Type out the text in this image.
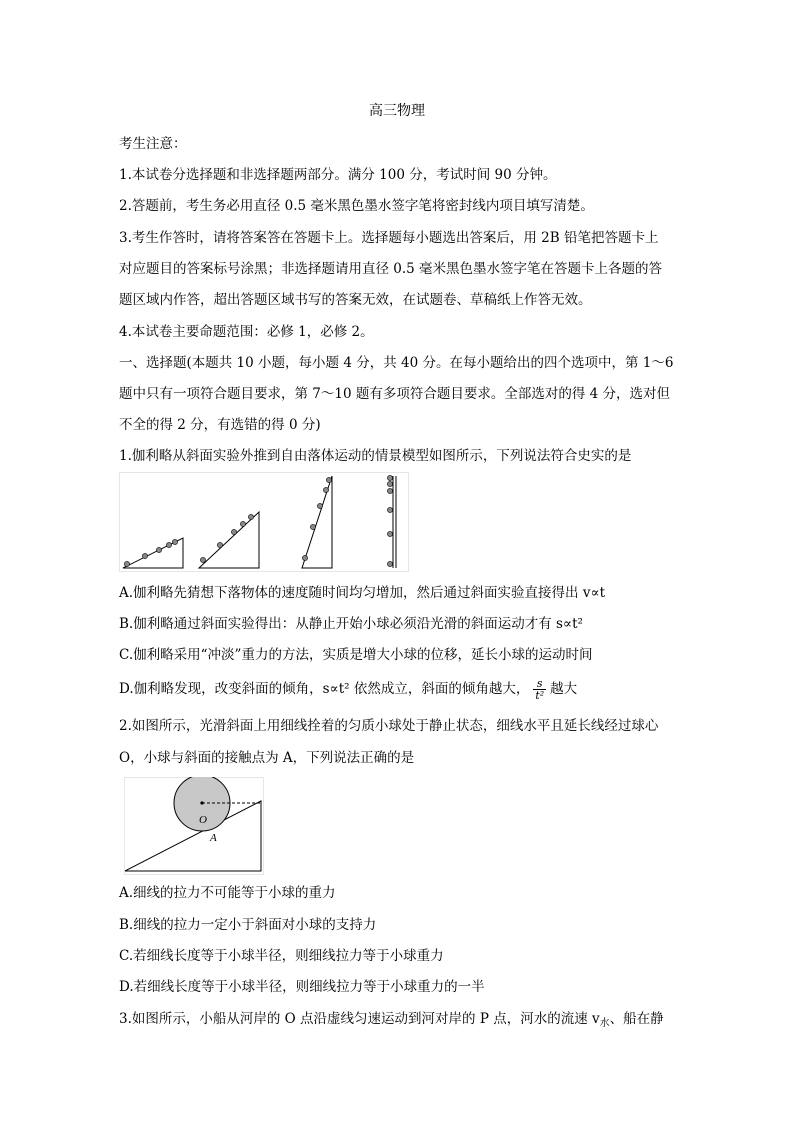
高三物理
考生注意：
1.本试卷分选择题和非选择题两部分。满分 100 分，考试时间 90 分钟。
2.答题前，考生务必用直径 0.5 毫米黑色墨水签字笔将密封线内项目填写清楚。
3.考生作答时，请将答案答在答题卡上。选择题每小题选出答案后，用 2B 铅笔把答题卡上
对应题目的答案标号涂黑；非选择题请用直径 0.5 毫米黑色墨水签字笔在答题卡上各题的答
题区域内作答，超出答题区域书写的答案无效，在试题卷、草稿纸上作答无效。
4.本试卷主要命题范围：必修 1，必修 2。
一、选择题(本题共 10 小题，每小题 4 分，共 40 分。在每小题给出的四个选项中，第 1～6
题中只有一项符合题目要求，第 7～10 题有多项符合题目要求。全部选对的得 4 分，选对但
不全的得 2 分，有选错的得 0 分)
1.伽利略从斜面实验外推到自由落体运动的情景模型如图所示，下列说法符合史实的是
A.伽利略先猜想下落物体的速度随时间均匀增加，然后通过斜面实验直接得出 v∝t
B.伽利略通过斜面实验得出：从静止开始小球必须沿光滑的斜面运动才有 s∝t²
C.伽利略采用“冲淡”重力的方法，实质是增大小球的位移，延长小球的运动时间
D.伽利略发现，改变斜面的倾角，s∝t² 依然成立，斜面的倾角越大， $\frac{s}{\text{t²}}$ 越大
2.如图所示，光滑斜面上用细线拴着的匀质小球处于静止状态，细线水平且延长线经过球心
O，小球与斜面的接触点为 A，下列说法正确的是
O
A
A.细线的拉力不可能等于小球的重力
B.细线的拉力一定小于斜面对小球的支持力
C.若细线长度等于小球半径，则细线拉力等于小球重力
D.若细线长度等于小球半径，则细线拉力等于小球重力的一半
3.如图所示，小船从河岸的 O 点沿虚线匀速运动到河对岸的 P 点，河水的流速 $v_水$、船在静
